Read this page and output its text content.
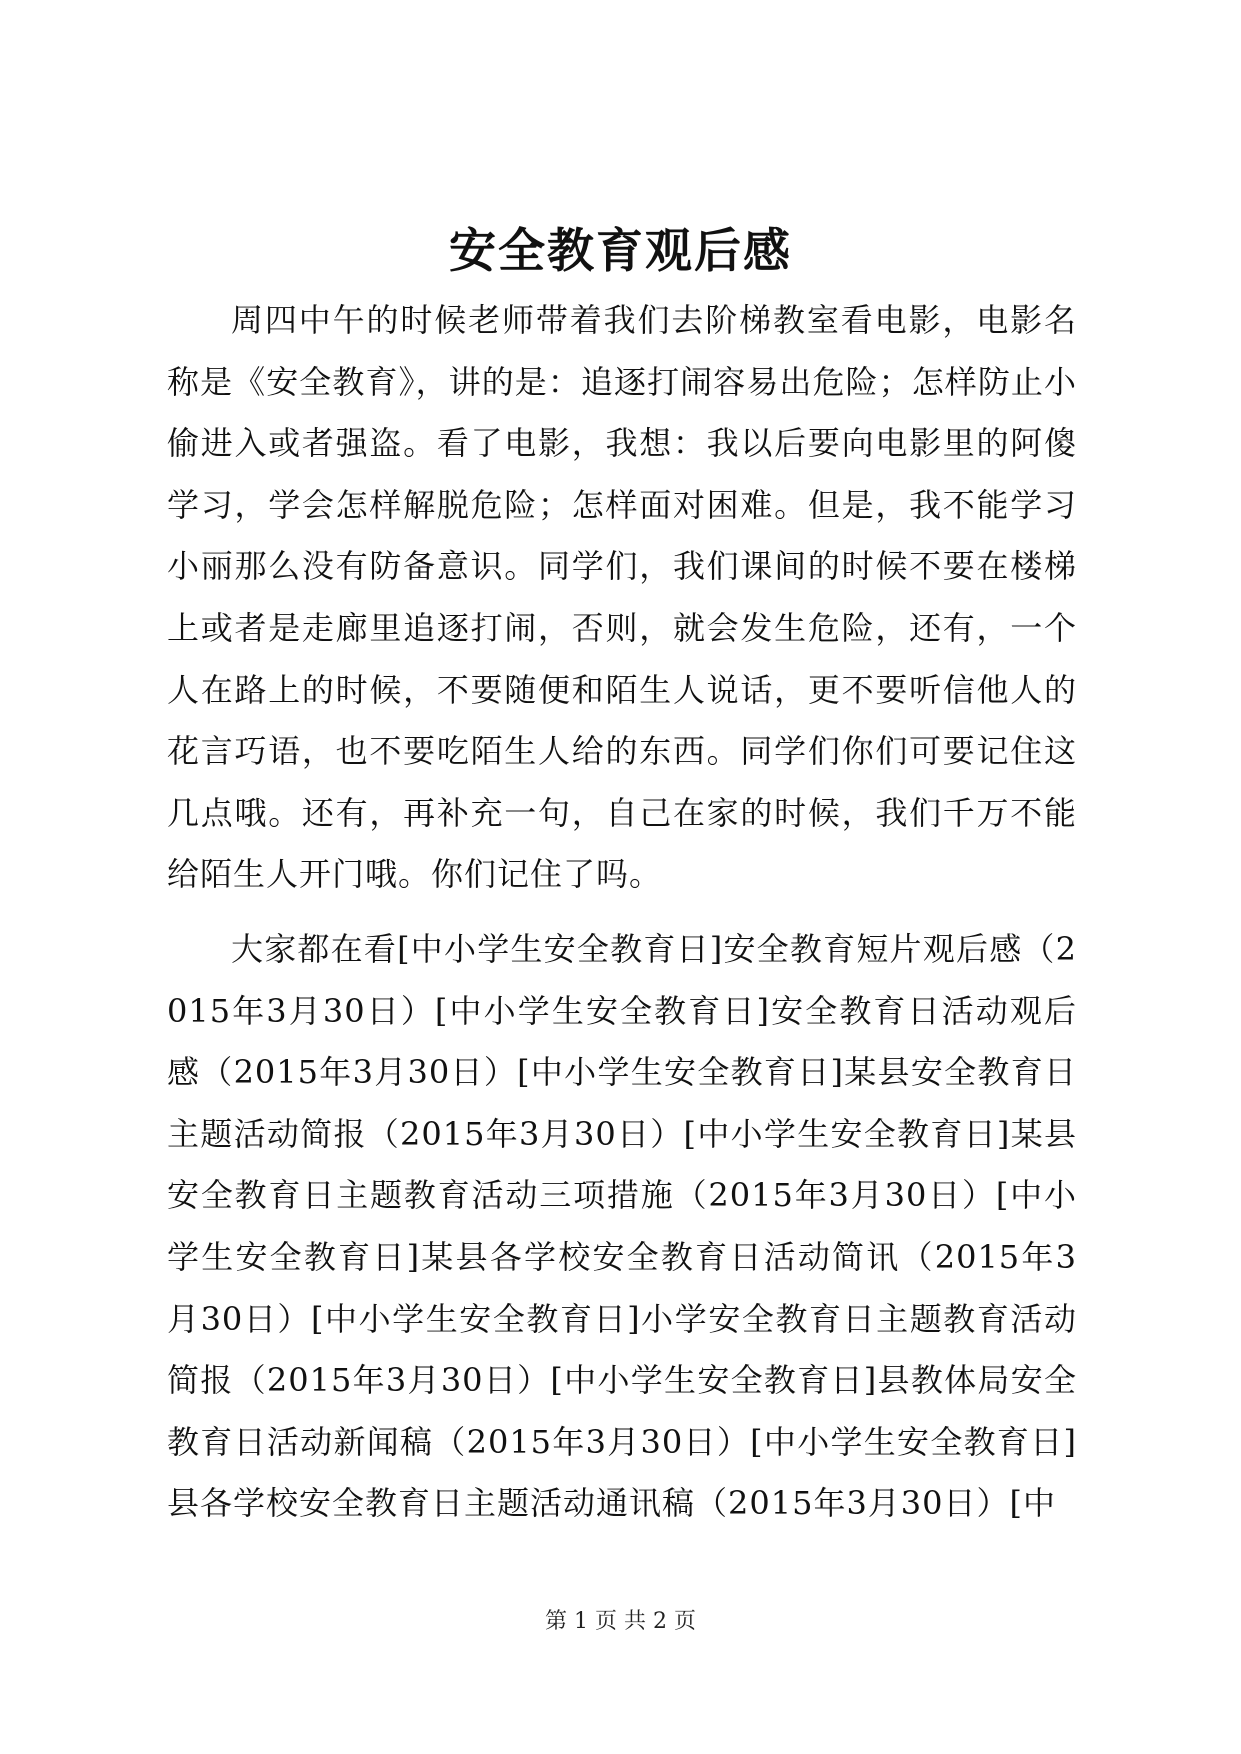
安全教育观后感

周四中午的时候老师带着我们去阶梯教室看电影，电影名称是《安全教育》，讲的是：追逐打闹容易出危险；怎样防止小偷进入或者强盗。看了电影，我想：我以后要向电影里的阿傻学习，学会怎样解脱危险；怎样面对困难。但是，我不能学习小丽那么没有防备意识。同学们，我们课间的时候不要在楼梯上或者是走廊里追逐打闹，否则，就会发生危险，还有，一个人在路上的时候，不要随便和陌生人说话，更不要听信他人的花言巧语，也不要吃陌生人给的东西。同学们你们可要记住这几点哦。还有，再补充一句，自己在家的时候，我们千万不能给陌生人开门哦。你们记住了吗。

大家都在看[中小学生安全教育日]安全教育短片观后感（2015年3月30日）[中小学生安全教育日]安全教育日活动观后感（2015年3月30日）[中小学生安全教育日]某县安全教育日主题活动简报（2015年3月30日）[中小学生安全教育日]某县安全教育日主题教育活动三项措施（2015年3月30日）[中小学生安全教育日]某县各学校安全教育日活动简讯（2015年3月30日）[中小学生安全教育日]小学安全教育日主题教育活动简报（2015年3月30日）[中小学生安全教育日]县教体局安全教育日活动新闻稿（2015年3月30日）[中小学生安全教育日]县各学校安全教育日主题活动通讯稿（2015年3月30日）[中

第 1 页 共 2 页
